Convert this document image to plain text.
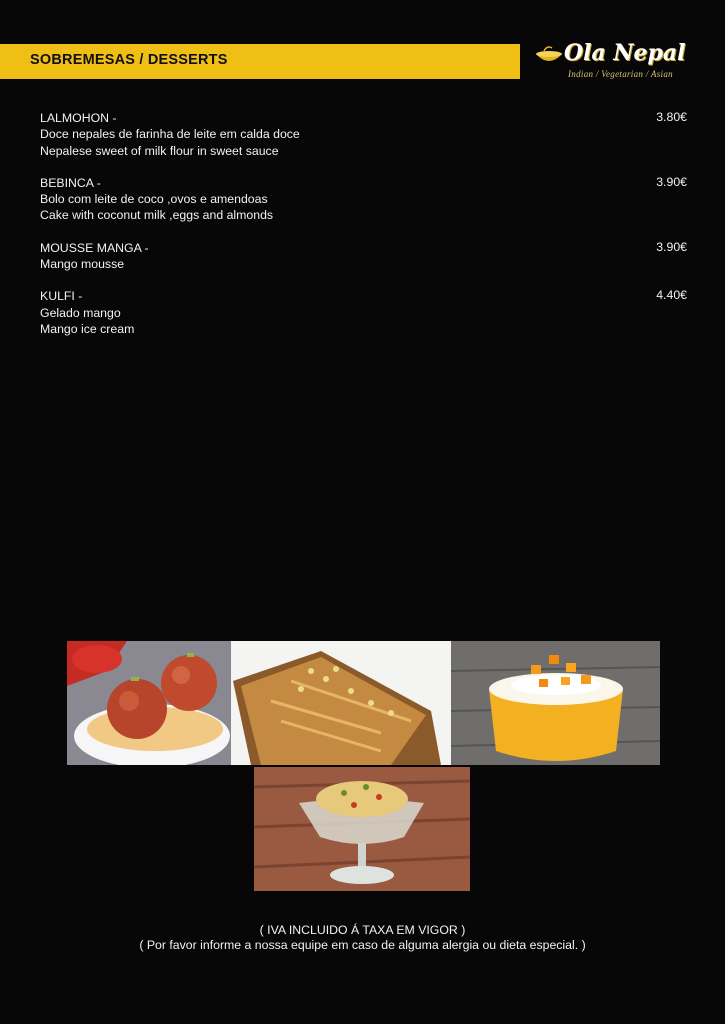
SOBREMESAS / DESSERTS	Ola Nepal
Indian / Vegetarian / Asian
LALMOHON -
Doce nepales de farinha de leite em calda doce
Nepalese sweet of milk flour in sweet sauce
3.80€
BEBINCA -
Bolo com leite de coco ,ovos e amendoas
Cake with coconut milk ,eggs and almonds
3.90€
MOUSSE MANGA -
Mango mousse
3.90€
KULFI -
Gelado mango
Mango ice cream
4.40€
( IVA INCLUIDO Á TAXA EM VIGOR )
( Por favor informe a nossa equipe em caso de alguma alergia ou dieta especial. )
